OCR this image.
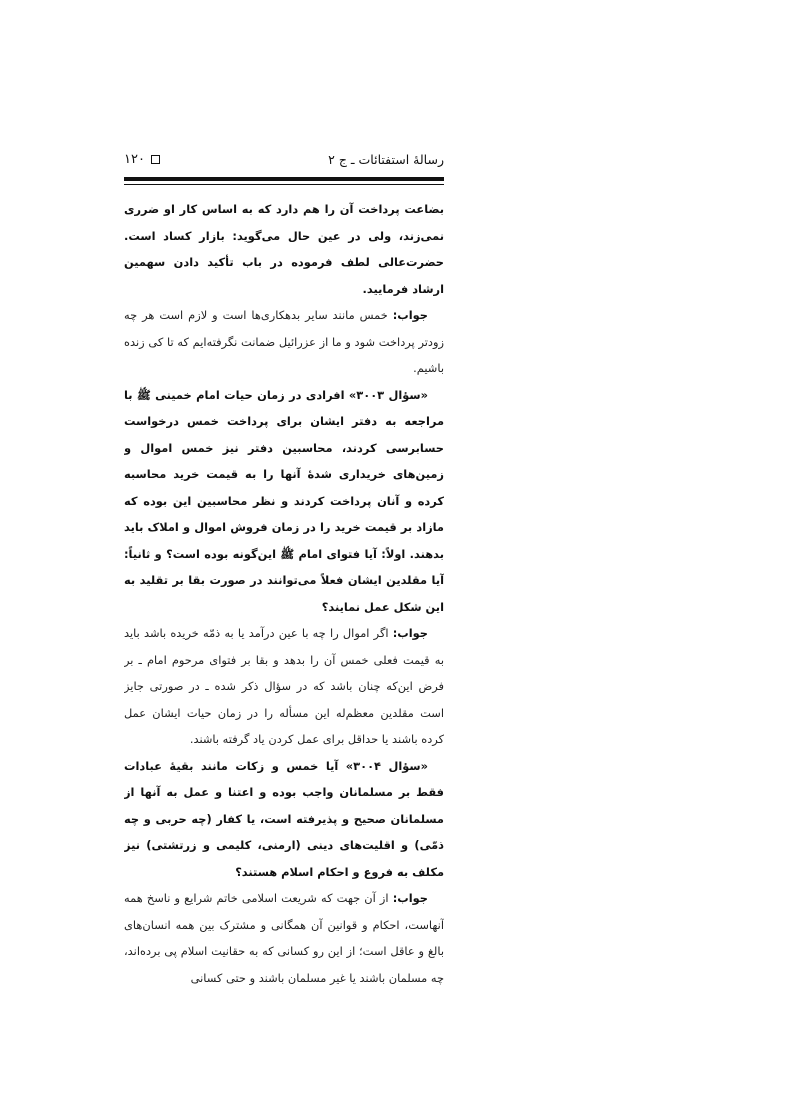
۱۲۰	رسالهٔ استفتائات ـ ج ۲

بضاعت پرداخت آن را هم دارد که به اساس کار او ضرری نمی‌زند، ولی در عین حال می‌گوید: بازار کساد است. حضرت‌عالی لطف فرموده در باب تأکید دادن سهمین ارشاد فرمایید.

جواب: خمس مانند سایر بدهکاری‌ها است و لازم است هر چه زودتر پرداخت شود و ما از عزرائیل ضمانت نگرفته‌ایم که تا کی زنده باشیم.

«سؤال ۳۰۰۳» افرادی در زمان حیات امام خمینی ﷺ با مراجعه به دفتر ایشان برای پرداخت خمس درخواست حسابرسی کردند، محاسبین دفتر نیز خمس اموال و زمین‌های خریداری شدهٔ آنها را به قیمت خرید محاسبه کرده و آنان پرداخت کردند و نظر محاسبین این بوده که مازاد بر قیمت خرید را در زمان فروش اموال و املاک باید بدهند. اولاً: آیا فتوای امام ﷺ این‌گونه بوده است؟ و ثانیاً: آیا مقلدین ایشان فعلاً می‌توانند در صورت بقا بر تقلید به این شکل عمل نمایند؟

جواب: اگر اموال را چه با عین درآمد یا به ذمّه خریده باشد باید به قیمت فعلی خمس آن را بدهد و بقا بر فتوای مرحوم امام ـ بر فرض این‌که چنان باشد که در سؤال ذکر شده ـ در صورتی جایز است مقلدین معظم‌له این مسأله را در زمان حیات ایشان عمل کرده باشند یا حداقل برای عمل کردن یاد گرفته باشند.

«سؤال ۳۰۰۴» آیا خمس و زکات مانند بقیهٔ عبادات فقط بر مسلمانان واجب بوده و اعتنا و عمل به آنها از مسلمانان صحیح و پذیرفته است، یا کفار (چه حربی و چه ذمّی) و اقلیت‌های دینی (ارمنی، کلیمی و زرتشتی) نیز مکلف به فروع و احکام اسلام هستند؟

جواب: از آن جهت که شریعت اسلامی خاتم شرایع و ناسخ همه آنهاست، احکام و قوانین آن همگانی و مشترک بین همه انسان‌های بالغ و عاقل است؛ از این رو کسانی که به حقانیت اسلام پی برده‌اند، چه مسلمان باشند یا غیر مسلمان باشند و حتی کسانی
